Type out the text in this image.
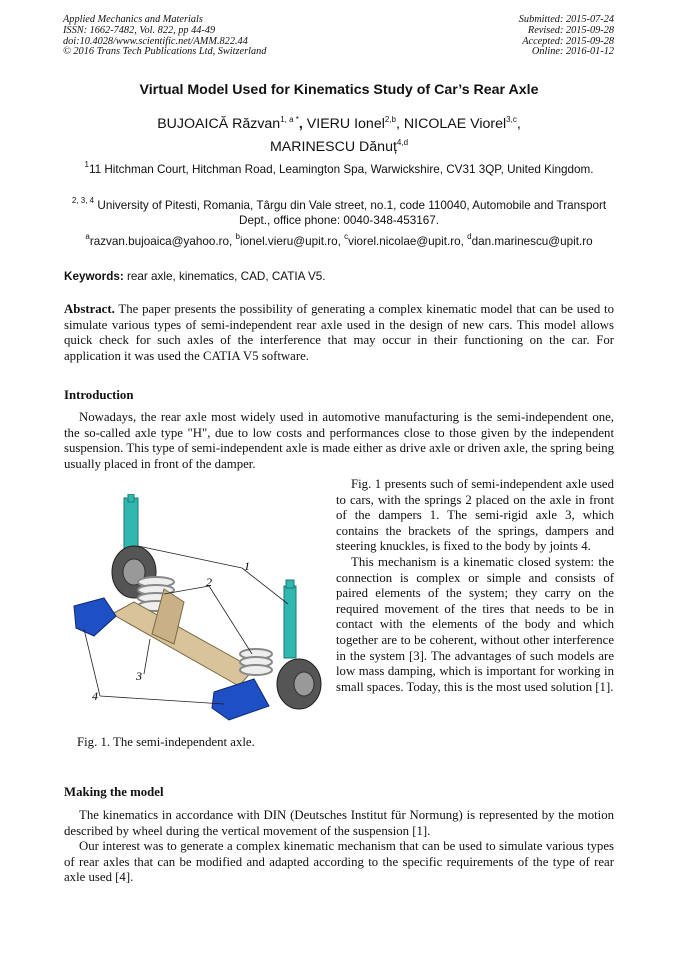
Applied Mechanics and Materials
ISSN: 1662-7482, Vol. 822, pp 44-49
doi:10.4028/www.scientific.net/AMM.822.44
© 2016 Trans Tech Publications Ltd, Switzerland
Submitted: 2015-07-24
Revised: 2015-09-28
Accepted: 2015-09-28
Online: 2016-01-12
Virtual Model Used for Kinematics Study of Car’s Rear Axle
BUJOAICĂ Răzvan$^{1, a *}$, VIERU Ionel$^{2,b}$, NICOLAE Viorel$^{3,c}$,
MARINESCU Dănuț$^{4,d}$
$^1$11 Hitchman Court, Hitchman Road, Leamington Spa, Warwickshire, CV31 3QP, United Kingdom.
$^{2, 3, 4}$ University of Pitesti, Romania, Târgu din Vale street, no.1, code 110040, Automobile and Transport Dept., office phone: 0040-348-453167.
$^a$razvan.bujoaica@yahoo.ro, $^b$ionel.vieru@upit.ro, $^c$viorel.nicolae@upit.ro, $^d$dan.marinescu@upit.ro
Keywords: rear axle, kinematics, CAD, CATIA V5.
Abstract. The paper presents the possibility of generating a complex kinematic model that can be used to simulate various types of semi-independent rear axle used in the design of new cars. This model allows quick check for such axles of the interference that may occur in their functioning on the car. For application it was used the CATIA V5 software.
Introduction
Nowadays, the rear axle most widely used in automotive manufacturing is the semi-independent one, the so-called axle type "H", due to low costs and performances close to those given by the independent suspension. This type of semi-independent axle is made either as drive axle or driven axle, the spring being usually placed in front of the damper.
1
2
3
4
Fig. 1. The semi-independent axle.

Fig. 1 presents such of semi-independent axle used to cars, with the springs 2 placed on the axle in front of the dampers 1. The semi-rigid axle 3, which contains the brackets of the springs, dampers and steering knuckles, is fixed to the body by joints 4.

This mechanism is a kinematic closed system: the connection is complex or simple and consists of paired elements of the system; they carry on the required movement of the tires that needs to be in contact with the elements of the body and which together are to be coherent, without other interference in the system [3]. The advantages of such models are low mass damping, which is important for working in small spaces. Today, this is the most used solution [1].

Making the model

The kinematics in accordance with DIN (Deutsches Institut für Normung) is represented by the motion described by wheel during the vertical movement of the suspension [1].

Our interest was to generate a complex kinematic mechanism that can be used to simulate various types of rear axles that can be modified and adapted according to the specific requirements of the type of rear axle used [4].
